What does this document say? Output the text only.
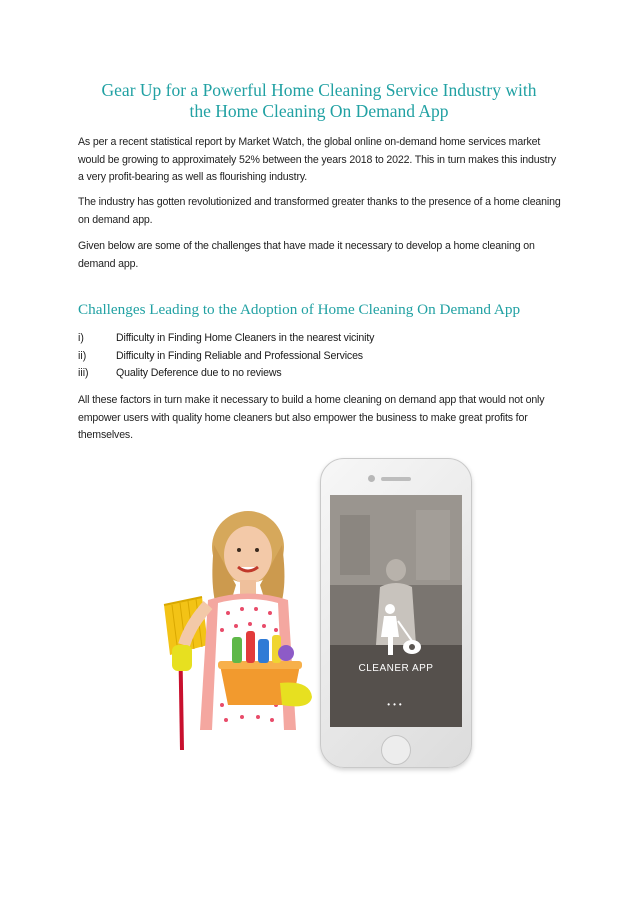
Gear Up for a Powerful Home Cleaning Service Industry with
the Home Cleaning On Demand App

As per a recent statistical report by Market Watch, the global online on-demand home services market would be growing to approximately 52% between the years 2018 to 2022. This in turn makes this industry a very profit-bearing as well as flourishing industry.

The industry has gotten revolutionized and transformed greater thanks to the presence of a home cleaning on demand app.

Given below are some of the challenges that have made it necessary to develop a home cleaning on demand app.

Challenges Leading to the Adoption of Home Cleaning On Demand App
i)	Difficulty in Finding Home Cleaners in the nearest vicinity
ii)	Difficulty in Finding Reliable and Professional Services
iii)	Quality Deference due to no reviews

All these factors in turn make it necessary to build a home cleaning on demand app that would not only empower users with quality home cleaners but also empower the business to make great profits for themselves.

CLEANER APP
•••
